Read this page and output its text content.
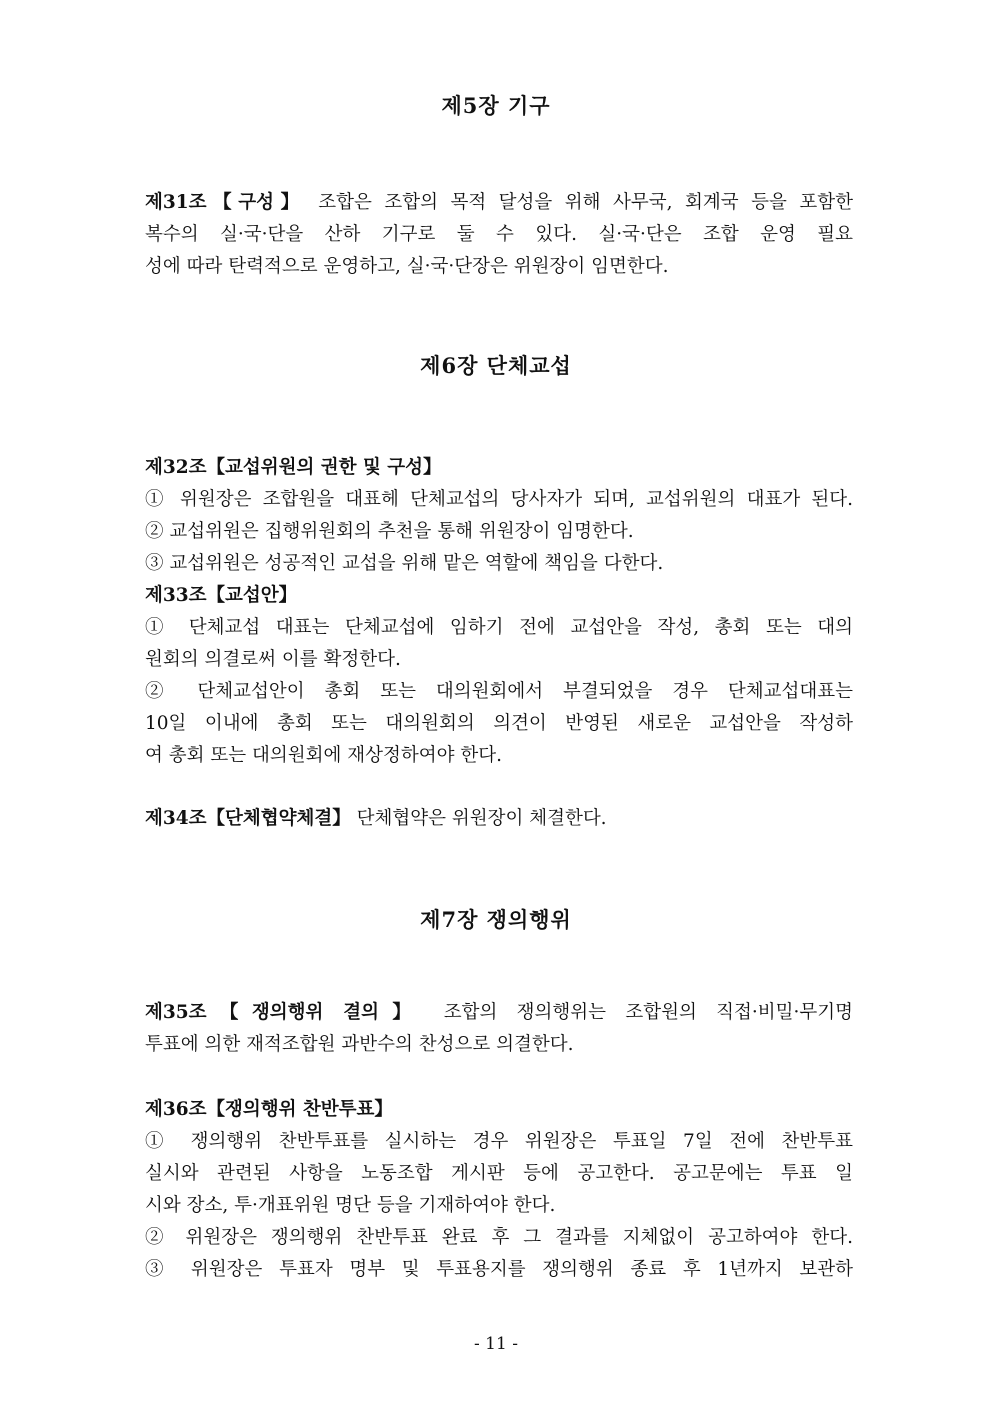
제5장 기구
제31조【구성】 조합은 조합의 목적 달성을 위해 사무국, 회계국 등을 포함한
복수의 실·국·단을 산하 기구로 둘 수 있다. 실·국·단은 조합 운영 필요
성에 따라 탄력적으로 운영하고, 실·국·단장은 위원장이 임면한다.
제6장 단체교섭
제32조【교섭위원의 권한 및 구성】
① 위원장은 조합원을 대표헤 단체교섭의 당사자가 되며, 교섭위원의 대표가 된다.
② 교섭위원은 집행위원회의 추천을 통해 위원장이 임명한다.
③ 교섭위원은 성공적인 교섭을 위해 맡은 역할에 책임을 다한다.
제33조【교섭안】
① 단체교섭 대표는 단체교섭에 임하기 전에 교섭안을 작성, 총회 또는 대의
원회의 의결로써 이를 확정한다.
② 단체교섭안이 총회 또는 대의원회에서 부결되었을 경우 단체교섭대표는
10일 이내에 총회 또는 대의원회의 의견이 반영된 새로운 교섭안을 작성하
여 총회 또는 대의원회에 재상정하여야 한다.
제34조【단체협약체결】 단체협약은 위원장이 체결한다.
제7장 쟁의행위
제35조【쟁의행위 결의】 조합의 쟁의행위는 조합원의 직접·비밀·무기명
투표에 의한 재적조합원 과반수의 찬성으로 의결한다.
제36조【쟁의행위 찬반투표】
① 쟁의행위 찬반투표를 실시하는 경우 위원장은 투표일 7일 전에 찬반투표
실시와 관련된 사항을 노동조합 게시판 등에 공고한다. 공고문에는 투표 일
시와 장소, 투·개표위원 명단 등을 기재하여야 한다.
② 위원장은 쟁의행위 찬반투표 완료 후 그 결과를 지체없이 공고하여야 한다.
③ 위원장은 투표자 명부 및 투표용지를 쟁의행위 종료 후 1년까지 보관하
- 11 -
